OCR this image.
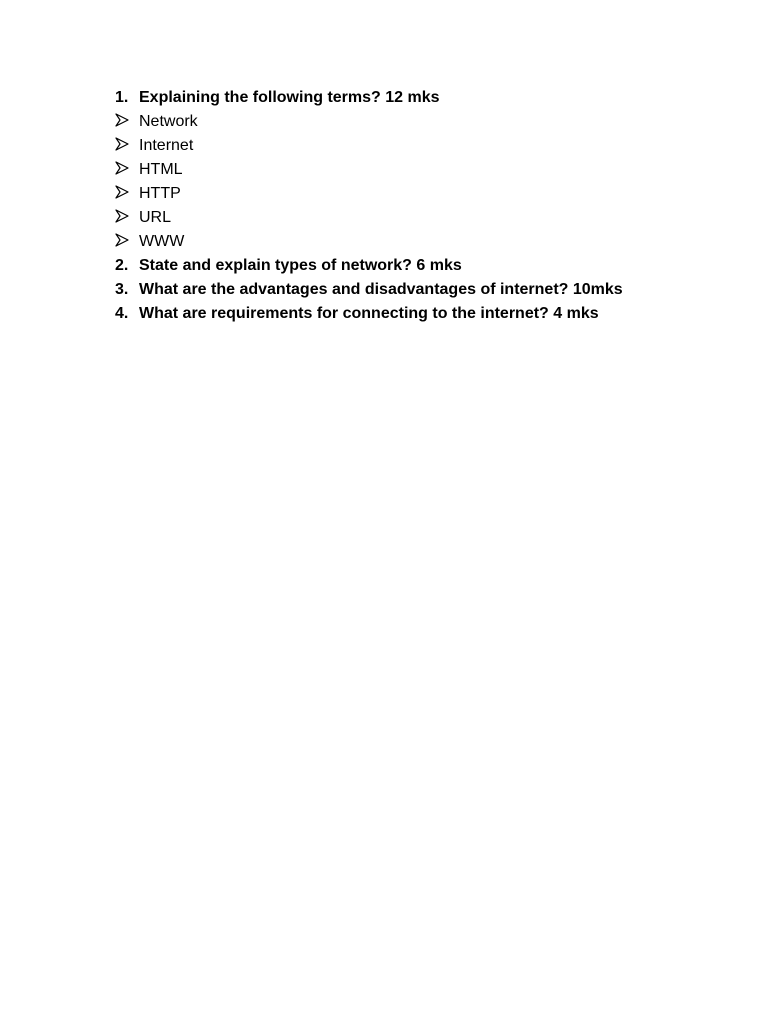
1. Explaining the following terms? 12 mks
Network
Internet
HTML
HTTP
URL
WWW
2. State and explain types of network? 6 mks
3. What are the advantages and disadvantages of internet? 10mks
4. What are requirements for connecting to the internet? 4 mks
